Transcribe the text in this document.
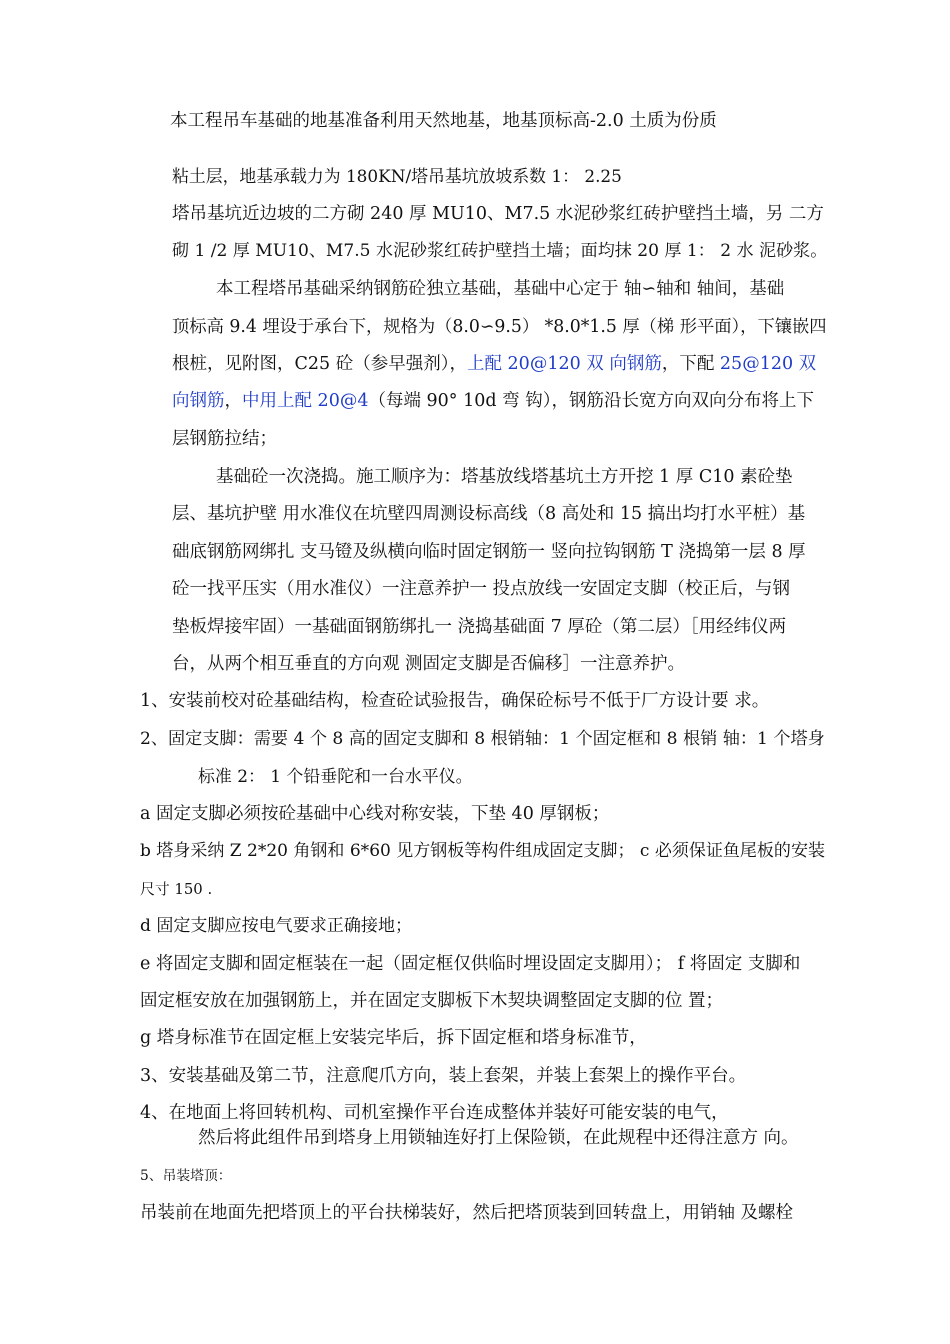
本工程吊车基础的地基准备利用天然地基，地基顶标高-2.0 土质为份质
粘土层，地基承载力为 180KN/塔吊基坑放坡系数 1： 2.25
塔吊基坑近边坡的二方砌 240 厚 MU10、M7.5 水泥砂浆红砖护壁挡土墙，另 二方
砌 1 /2 厚 MU10、M7.5 水泥砂浆红砖护壁挡土墙；面均抹 20 厚 1： 2 水 泥砂浆。
本工程塔吊基础采纳钢筋砼独立基础，基础中心定于 轴∽轴和 轴间，基础
顶标高 9.4 埋设于承台下，规格为（8.0∽9.5） *8.0*1.5 厚（梯 形平面），下镶嵌四
根桩，见附图，C25 砼（参早强剂），上配 20@120 双 向钢筋，下配 25@120 双
向钢筋，中用上配 20@4（每端 90° 10d 弯 钩），钢筋沿长宽方向双向分布将上下
层钢筋拉结；
基础砼一次浇捣。施工顺序为：塔基放线塔基坑土方开挖 1 厚 C10 素砼垫
层、基坑护壁 用水准仪在坑壁四周测设标高线（8 高处和 15 搞出均打水平桩）基
础底钢筋网绑扎 支马镫及纵横向临时固定钢筋一 竖向拉钩钢筋 T 浇捣第一层 8 厚
砼一找平压实（用水准仪）一注意养护一 投点放线一安固定支脚（校正后，与钢
垫板焊接牢固）一基础面钢筋绑扎一 浇捣基础面 7 厚砼（第二层）［用经纬仪两
台，从两个相互垂直的方向观 测固定支脚是否偏移］一注意养护。
1、安装前校对砼基础结构，检查砼试验报告，确保砼标号不低于厂方设计要 求。
2、固定支脚：需要 4 个 8 高的固定支脚和 8 根销轴：1 个固定框和 8 根销 轴：1 个塔身
标准 2： 1 个铅垂陀和一台水平仪。
a 固定支脚必须按砼基础中心线对称安装，下垫 40 厚钢板；
b 塔身采纳 Z 2*20 角钢和 6*60 见方钢板等构件组成固定支脚； c 必须保证鱼尾板的安装
尺寸 150 .
d 固定支脚应按电气要求正确接地；
e 将固定支脚和固定框装在一起（固定框仅供临时埋设固定支脚用）； f 将固定 支脚和
固定框安放在加强钢筋上，并在固定支脚板下木契块调整固定支脚的位 置；
g 塔身标准节在固定框上安装完毕后，拆下固定框和塔身标准节，
3、安装基础及第二节，注意爬爪方向，装上套架，并装上套架上的操作平台。
4、在地面上将回转机构、司机室操作平台连成整体并装好可能安装的电气，
然后将此组件吊到塔身上用锁轴连好打上保险锁，在此规程中还得注意方 向。
5、吊装塔顶：
吊装前在地面先把塔顶上的平台扶梯装好，然后把塔顶装到回转盘上，用销轴 及螺栓
